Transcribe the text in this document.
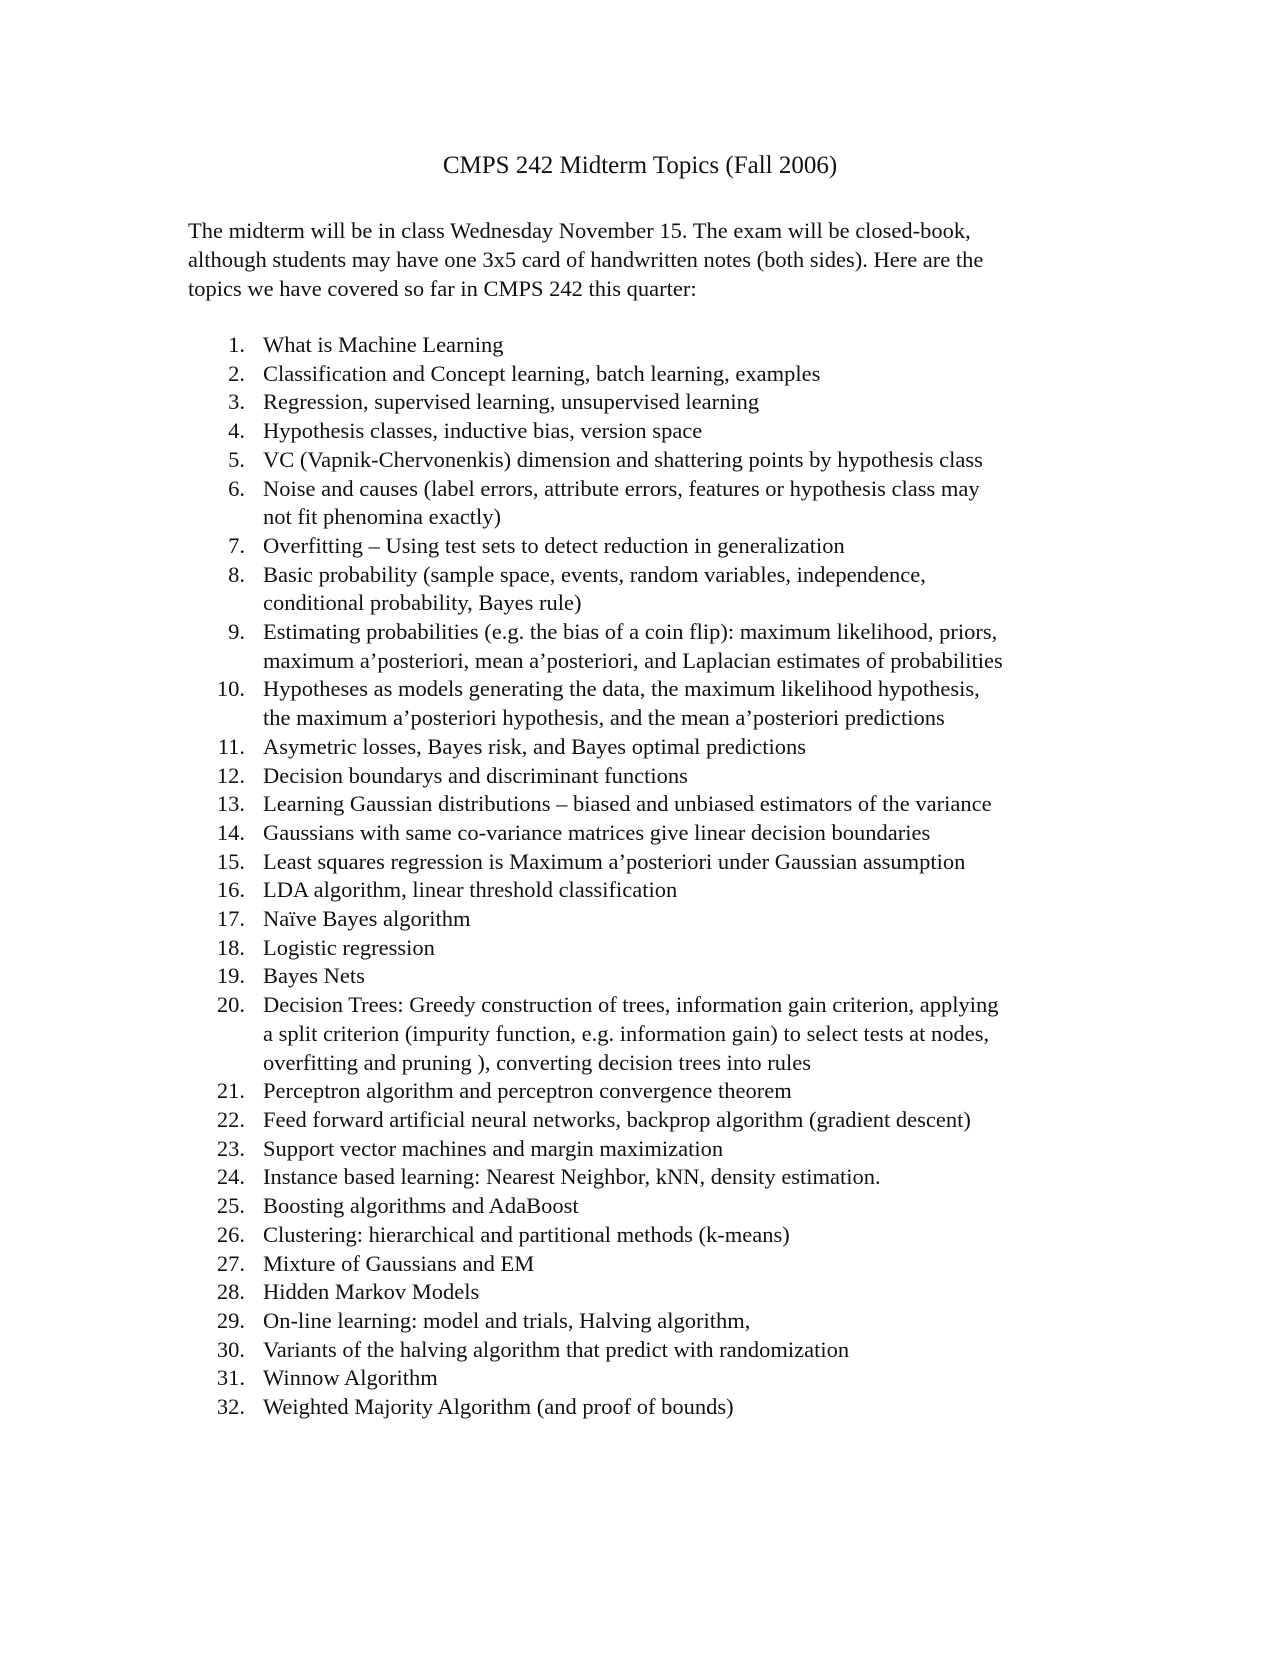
CMPS 242 Midterm Topics (Fall 2006)
The midterm will be in class Wednesday November 15. The exam will be closed-book,
although students may have one 3x5 card of handwritten notes (both sides). Here are the
topics we have covered so far in CMPS 242 this quarter:
1. What is Machine Learning
2. Classification and Concept learning, batch learning, examples
3. Regression, supervised learning, unsupervised learning
4. Hypothesis classes, inductive bias, version space
5. VC (Vapnik-Chervonenkis) dimension and shattering points by hypothesis class
6. Noise and causes (label errors, attribute errors, features or hypothesis class may
not fit phenomina exactly)
7. Overfitting – Using test sets to detect reduction in generalization
8. Basic probability (sample space, events, random variables, independence,
conditional probability, Bayes rule)
9. Estimating probabilities (e.g. the bias of a coin flip): maximum likelihood, priors,
maximum a’posteriori, mean a’posteriori, and Laplacian estimates of probabilities
10. Hypotheses as models generating the data, the maximum likelihood hypothesis,
the maximum a’posteriori hypothesis, and the mean a’posteriori predictions
11. Asymetric losses, Bayes risk, and Bayes optimal predictions
12. Decision boundarys and discriminant functions
13. Learning Gaussian distributions – biased and unbiased estimators of the variance
14. Gaussians with same co-variance matrices give linear decision boundaries
15. Least squares regression is Maximum a’posteriori under Gaussian assumption
16. LDA algorithm, linear threshold classification
17. Naïve Bayes algorithm
18. Logistic regression
19. Bayes Nets
20. Decision Trees: Greedy construction of trees, information gain criterion, applying
a split criterion (impurity function, e.g. information gain) to select tests at nodes,
overfitting and pruning ), converting decision trees into rules
21. Perceptron algorithm and perceptron convergence theorem
22. Feed forward artificial neural networks, backprop algorithm (gradient descent)
23. Support vector machines and margin maximization
24. Instance based learning: Nearest Neighbor, kNN, density estimation.
25. Boosting algorithms and AdaBoost
26. Clustering: hierarchical and partitional methods (k-means)
27. Mixture of Gaussians and EM
28. Hidden Markov Models
29. On-line learning: model and trials, Halving algorithm,
30. Variants of the halving algorithm that predict with randomization
31. Winnow Algorithm
32. Weighted Majority Algorithm (and proof of bounds)
